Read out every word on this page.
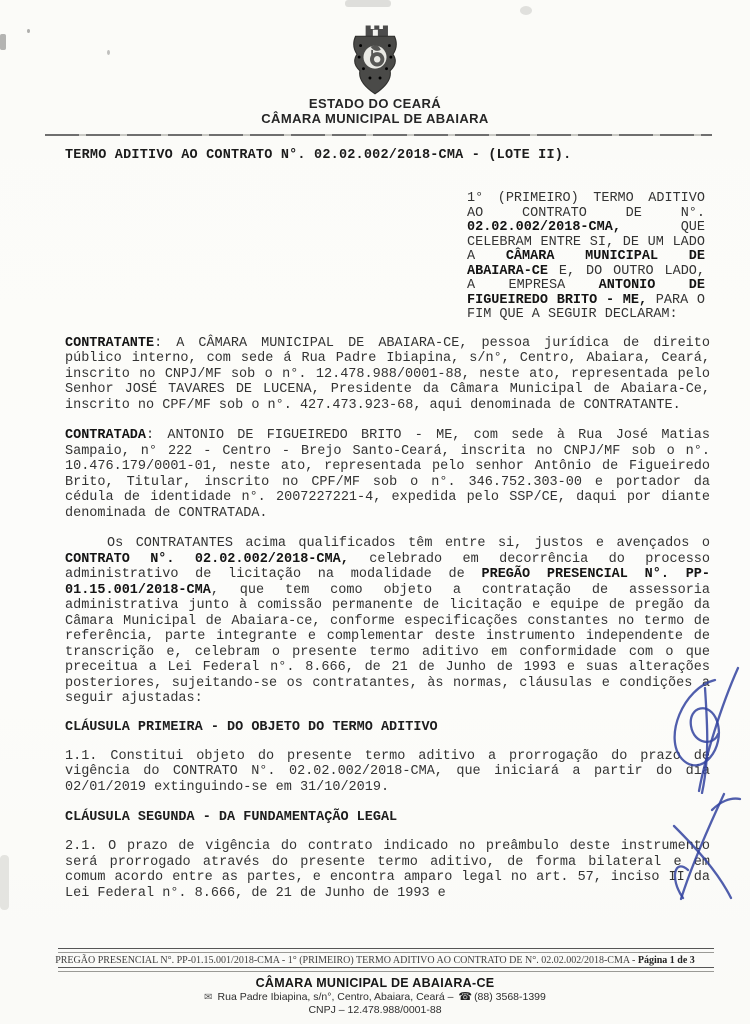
ESTADO DO CEARÁ
CÂMARA MUNICIPAL DE ABAIARA
TERMO ADITIVO AO CONTRATO N°. 02.02.002/2018-CMA - (LOTE II).
1° (PRIMEIRO) TERMO ADITIVO AO CONTRATO DE N°. 02.02.002/2018-CMA, QUE CELEBRAM ENTRE SI, DE UM LADO A CÂMARA MUNICIPAL DE ABAIARA-CE E, DO OUTRO LADO, A EMPRESA ANTONIO DE FIGUEIREDO BRITO - ME, PARA O FIM QUE A SEGUIR DECLARAM:
CONTRATANTE: A CÂMARA MUNICIPAL DE ABAIARA-CE, pessoa jurídica de direito público interno, com sede á Rua Padre Ibiapina, s/n°, Centro, Abaiara, Ceará, inscrito no CNPJ/MF sob o n°. 12.478.988/0001-88, neste ato, representada pelo Senhor JOSÉ TAVARES DE LUCENA, Presidente da Câmara Municipal de Abaiara-Ce, inscrito no CPF/MF sob o n°. 427.473.923-68, aqui denominada de CONTRATANTE.
CONTRATADA: ANTONIO DE FIGUEIREDO BRITO - ME, com sede à Rua José Matias Sampaio, n° 222 - Centro - Brejo Santo-Ceará, inscrita no CNPJ/MF sob o n°. 10.476.179/0001-01, neste ato, representada pelo senhor Antônio de Figueiredo Brito, Titular, inscrito no CPF/MF sob o n°. 346.752.303-00 e portador da cédula de identidade n°. 2007227221-4, expedida pelo SSP/CE, daqui por diante denominada de CONTRATADA.
Os CONTRATANTES acima qualificados têm entre si, justos e avençados o CONTRATO N°. 02.02.002/2018-CMA, celebrado em decorrência do processo administrativo de licitação na modalidade de PREGÃO PRESENCIAL N°. PP-01.15.001/2018-CMA, que tem como objeto a contratação de assessoria administrativa junto à comissão permanente de licitação e equipe de pregão da Câmara Municipal de Abaiara-ce, conforme especificações constantes no termo de referência, parte integrante e complementar deste instrumento independente de transcrição e, celebram o presente termo aditivo em conformidade com o que preceitua a Lei Federal n°. 8.666, de 21 de Junho de 1993 e suas alterações posteriores, sujeitando-se os contratantes, às normas, cláusulas e condições a seguir ajustadas:
CLÁUSULA PRIMEIRA - DO OBJETO DO TERMO ADITIVO
1.1. Constitui objeto do presente termo aditivo a prorrogação do prazo de vigência do CONTRATO N°. 02.02.002/2018-CMA, que iniciará a partir do dia 02/01/2019 extinguindo-se em 31/10/2019.
CLÁUSULA SEGUNDA - DA FUNDAMENTAÇÃO LEGAL
2.1. O prazo de vigência do contrato indicado no preâmbulo deste instrumento será prorrogado através do presente termo aditivo, de forma bilateral e em comum acordo entre as partes, e encontra amparo legal no art. 57, inciso II da Lei Federal n°. 8.666, de 21 de Junho de 1993 e
PREGÃO PRESENCIAL N°. PP-01.15.001/2018-CMA - 1° (PRIMEIRO) TERMO ADITIVO AO CONTRATO DE N°. 02.02.002/2018-CMA - Página 1 de 3
CÂMARA MUNICIPAL DE ABAIARA-CE
✉ Rua Padre Ibiapina, s/n°, Centro, Abaiara, Ceará – ☎ (88) 3568-1399
CNPJ – 12.478.988/0001-88
